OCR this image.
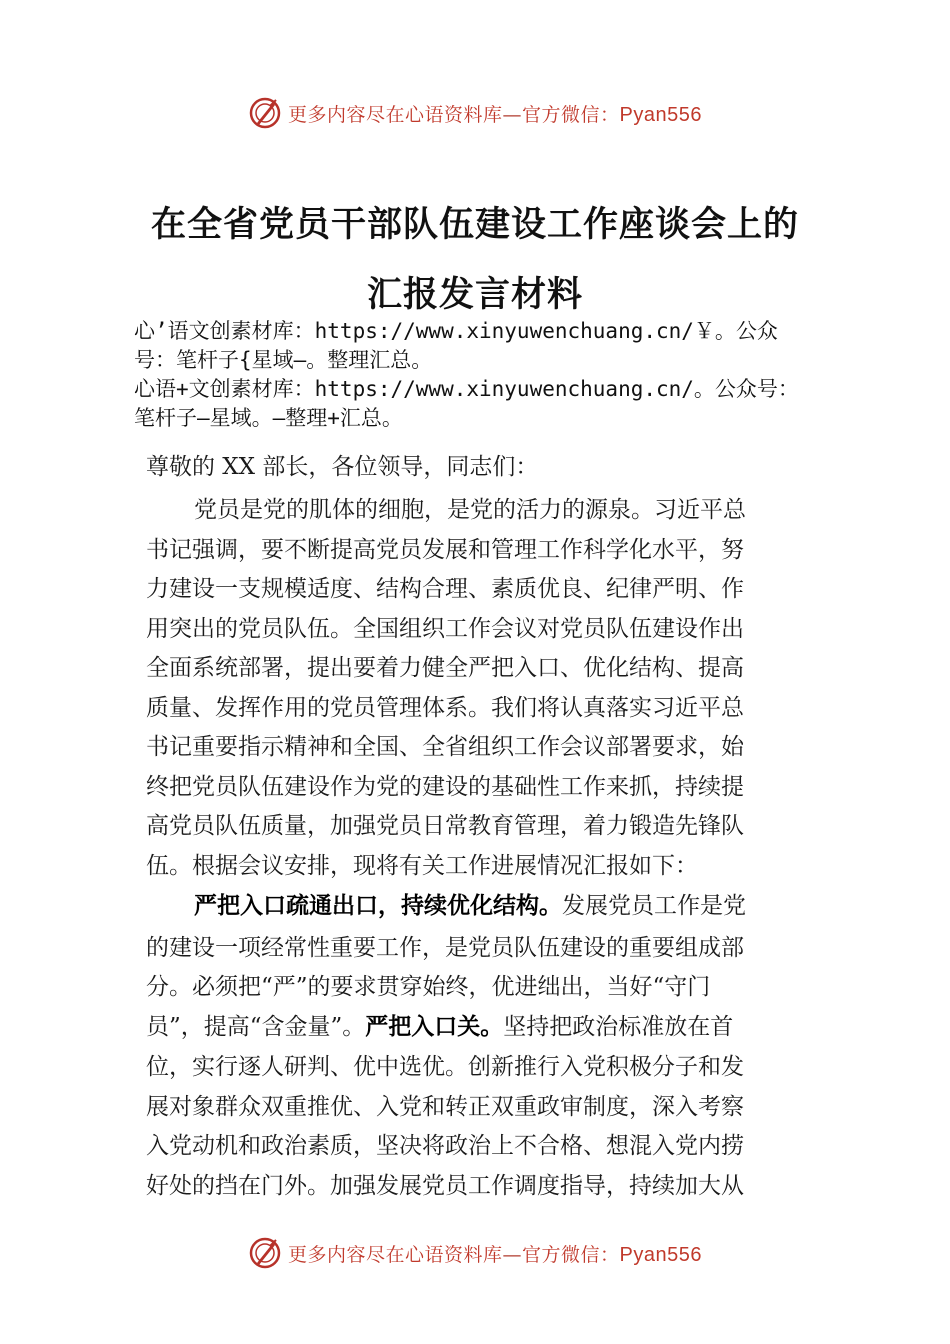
更多内容尽在心语资料库—官方微信：Pyan556
在全省党员干部队伍建设工作座谈会上的
汇报发言材料
心’语文创素材库：https://www.xinyuwenchuang.cn/￥。公众
号：笔杆子{星域—。整理汇总。
心语+文创素材库：https://www.xinyuwenchuang.cn/。公众号：
笔杆子—星域。—整理+汇总。
尊敬的 XX 部长，各位领导，同志们：
党员是党的肌体的细胞，是党的活力的源泉。习近平总
书记强调，要不断提高党员发展和管理工作科学化水平，努
力建设一支规模适度、结构合理、素质优良、纪律严明、作
用突出的党员队伍。全国组织工作会议对党员队伍建设作出
全面系统部署，提出要着力健全严把入口、优化结构、提高
质量、发挥作用的党员管理体系。我们将认真落实习近平总
书记重要指示精神和全国、全省组织工作会议部署要求，始
终把党员队伍建设作为党的建设的基础性工作来抓，持续提
高党员队伍质量，加强党员日常教育管理，着力锻造先锋队
伍。根据会议安排，现将有关工作进展情况汇报如下：
严把入口疏通出口，持续优化结构。发展党员工作是党
的建设一项经常性重要工作，是党员队伍建设的重要组成部
分。必须把“严”的要求贯穿始终，优进绌出，当好“守门
员”，提高“含金量”。严把入口关。坚持把政治标准放在首
位，实行逐人研判、优中选优。创新推行入党积极分子和发
展对象群众双重推优、入党和转正双重政审制度，深入考察
入党动机和政治素质，坚决将政治上不合格、想混入党内捞
好处的挡在门外。加强发展党员工作调度指导，持续加大从
更多内容尽在心语资料库—官方微信：Pyan556
